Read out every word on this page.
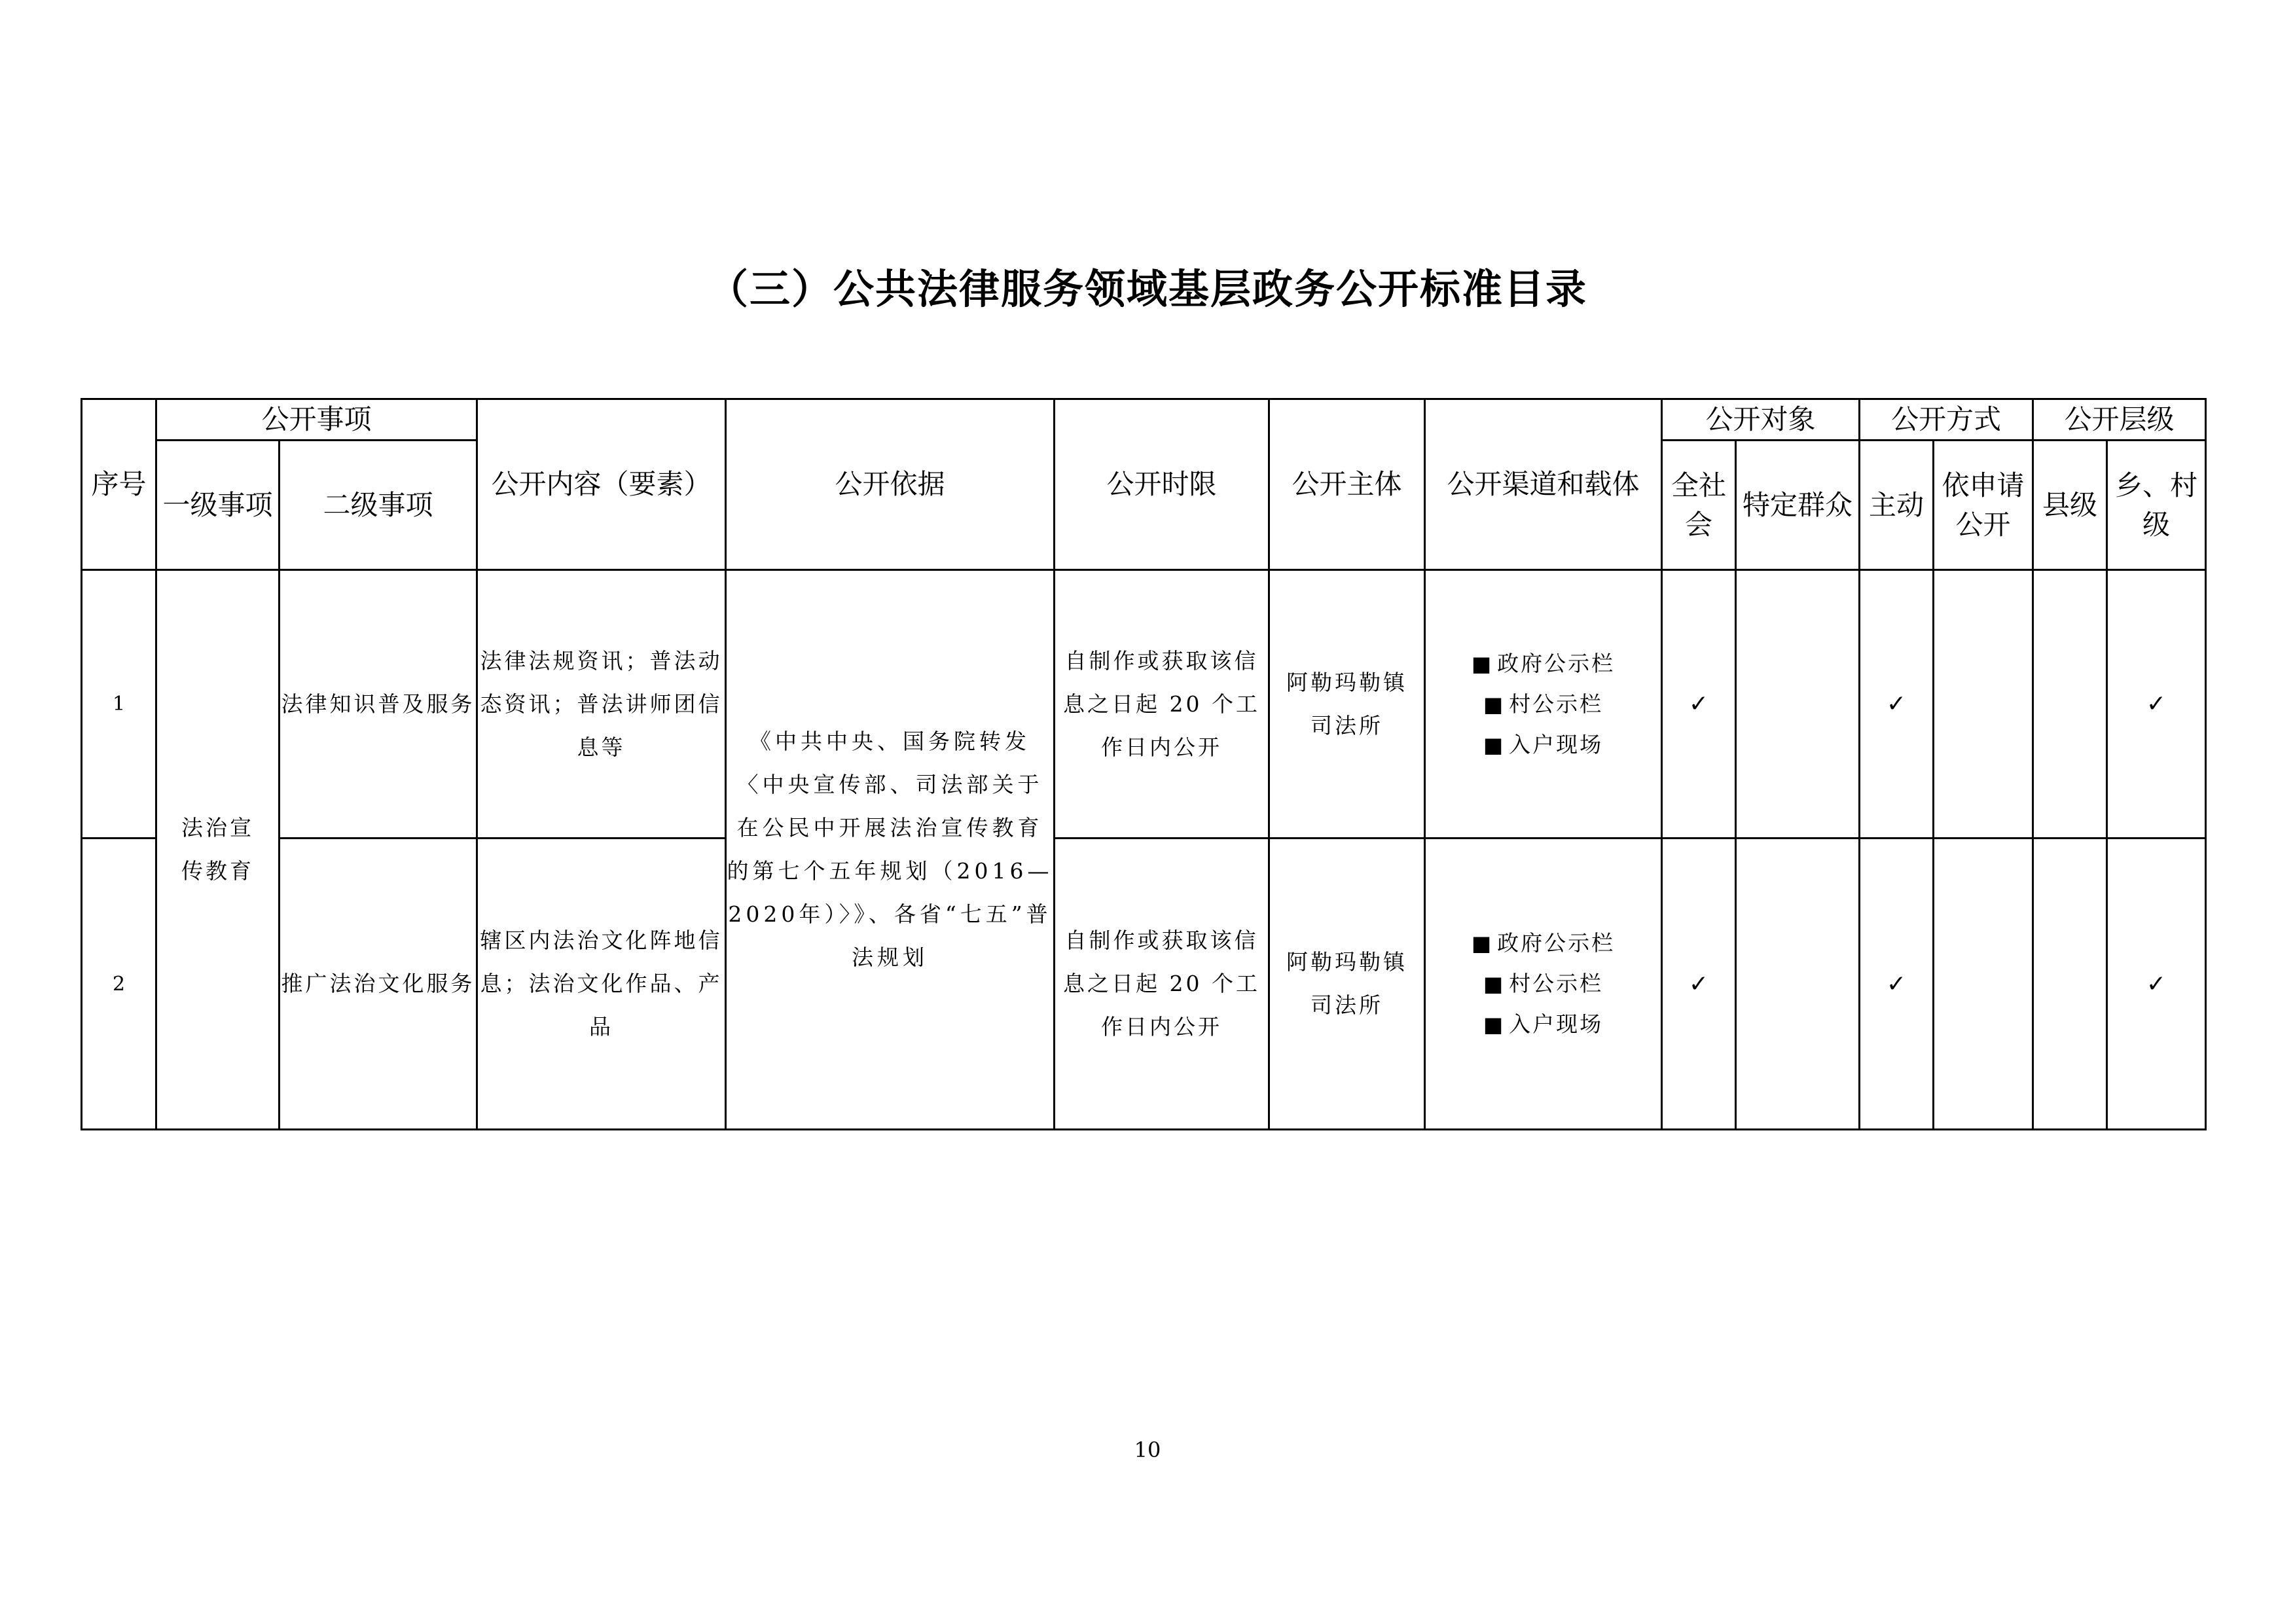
（三）公共法律服务领域基层政务公开标准目录
序号	公开事项		公开内容（要素）	公开依据	公开时限	公开主体	公开渠道和载体	公开对象		公开方式		公开层级	
	一级事项	二级事项						全社会	特定群众	主动	依申请公开	县级	乡、村级
1	法治宣传教育	法律知识普及服务	法律法规资讯；普法动态资讯；普法讲师团信息等	《中共中央、国务院转发〈中央宣传部、司法部关于在公民中开展法治宣传教育的第七个五年规划（2016—2020年）〉》、各省“七五”普法规划	自制作或获取该信息之日起 20 个工作日内公开	阿勒玛勒镇司法所	■ 政府公示栏
■ 村公示栏
■ 入户现场	✓		✓			✓
2		推广法治文化服务	辖区内法治文化阵地信息；法治文化作品、产品		自制作或获取该信息之日起 20 个工作日内公开	阿勒玛勒镇司法所	■ 政府公示栏
■ 村公示栏
■ 入户现场	✓		✓			✓
10
